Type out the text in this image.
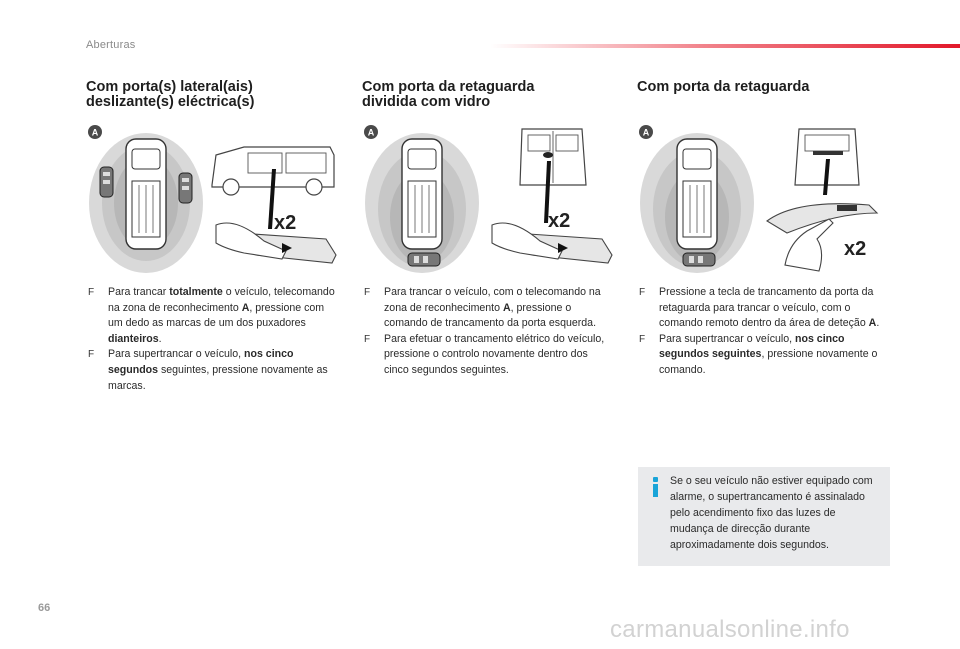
Aberturas
Com porta(s) lateral(ais)
deslizante(s) eléctrica(s)
A
x2
F Para trancar totalmente o veículo, telecomando na zona de reconhecimento A, pressione com um dedo as marcas de um dos puxadores dianteiros.
F Para supertrancar o veículo, nos cinco segundos seguintes, pressione novamente as marcas.
Com porta da retaguarda
dividida com vidro
A
x2
F Para trancar o veículo, com o telecomando na zona de reconhecimento A, pressione o comando de trancamento da porta esquerda.
F Para efetuar o trancamento elétrico do veículo, pressione o controlo novamente dentro dos cinco segundos seguintes.
Com porta da retaguarda
A
x2
F Pressione a tecla de trancamento da porta da retaguarda para trancar o veículo, com o comando remoto dentro da área de deteção A.
F Para supertrancar o veículo, nos cinco segundos seguintes, pressione novamente o comando.

Se o seu veículo não estiver equipado com alarme, o supertrancamento é assinalado pelo acendimento fixo das luzes de mudança de direcção durante aproximadamente dois segundos.

66
carmanualsonline.info
